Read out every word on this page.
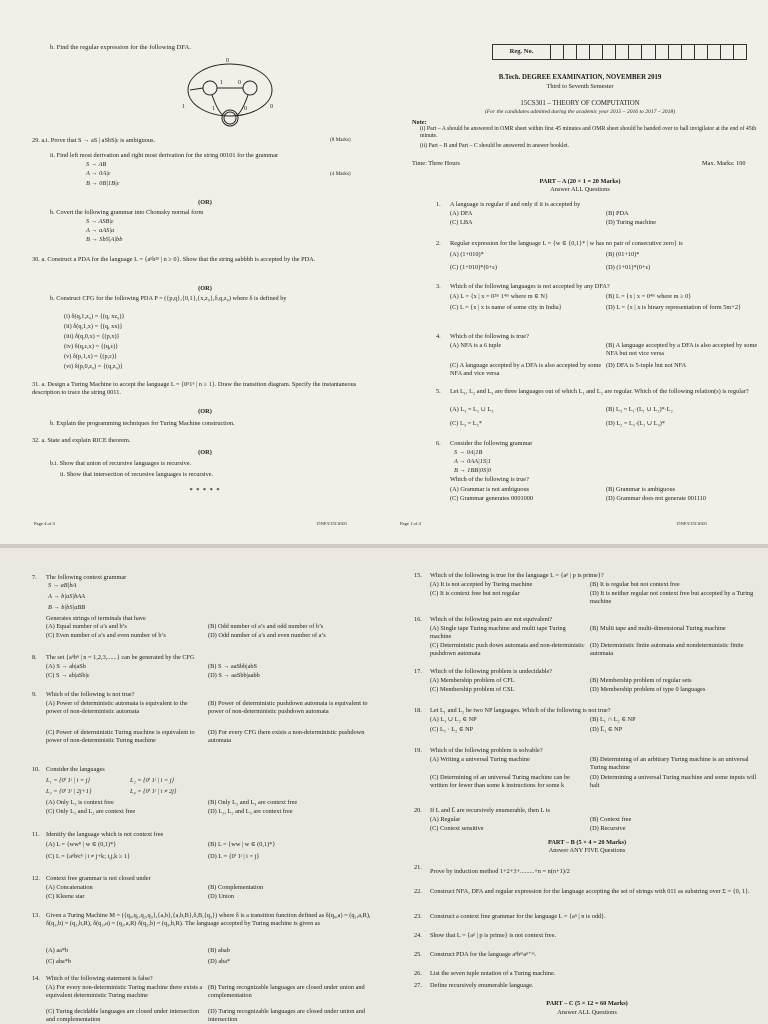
b. Find the regular expression for the following DFA.
0
1	0
1	0
1	0
29. a.i. Prove that S → aS | aSbS|ε is ambiguous.	(8 Marks)
ii. Find left most derivation and right most derivation for the string 00101 for the grammar
S → AB
A → 0A|ε	(4 Marks)
B → 0B|1B|ε
(OR)
b. Covert the following grammar into Chomsky normal form
S → ASB|ε
A → aAS|a
B → SbS|A|bb
30. a. Construct a PDA for the language L = {aⁿb²ⁿ | n ≥ 0}. Show that the string aabbbb is accepted by the PDA.
(OR)
b. Construct CFG for the following PDA P = ({p,q},{0,1},{x,z₀},δ,q,z₀) where δ is defined by
(i) δ(q,1,z₀) = {(q, xz₀)}
(ii) δ(q,1,x) = {(q, xx)}
(iii) δ(q,0,x) = {(p,x)}
(iv) δ(q,ε,x) = {(q,ε)}
(v) δ(p,1,x) = {(p,ε)}
(vi) δ(p,0,z₀) = {(q,z₀)}
31. a. Design a Turing Machine to accept the language L = {0ⁿ1ⁿ | n ≥ 1}. Draw the transition diagram. Specify the instantaneous description to trace the string 0011.
(OR)
b. Explain the programming techniques for Turing Machine construction.
32. a. State and explain RICE theorem.
(OR)
b.i. Show that union of recursive languages is recursive.
ii. Show that intersection of recursive languages is recursive.
* * * * *
Page 4 of 4	15NF3/15CS301
Reg. No.
B.Tech. DEGREE EXAMINATION, NOVEMBER 2019
Third to Seventh Semester
15CS301 – THEORY OF COMPUTATION
(For the candidates admitted during the academic year 2015 – 2016 to 2017 – 2018)
Note:
(i) Part – A should be answered in OMR sheet within first 45 minutes and OMR sheet should be handed over to hall invigilator at the end of 45th minute.
(ii) Part – B and Part – C should be answered in answer booklet.
Time: Three Hours	Max. Marks: 100
PART – A (20 × 1 = 20 Marks)
Answer ALL Questions
1. A language is regular if and only if it is accepted by
(A) DFA	(B) PDA
(C) LBA	(D) Turing machine
2. Regular expression for the language L = {w ∈ {0,1}* | w has no pair of consecutive zero} is
(A) (1+010)*	(B) (01+10)*
(C) (1+010)*(0+ε)	(D) (1+01)*(0+ε)
3. Which of the following languages is not accepted by any DFA?
(A) L = {x | x = 0²ᵐ 1⁴ᵐ where m ∈ N}	(B) L = {x | x = 0⁴ᵐ where m ≥ 0}
(C) L = {x | x is name of some city in India}	(D) L = {x | x is binary representation of form 5m+2}
4. Which of the following is true?
(A) NFA is a 6 tuple	(B) A language accepted by a DFA is also accepted by some NFA but not vice versa
(C) A language accepted by a DFA is also accepted by some NFA and vice versa
(D) DFA is 5-tuple but not NFA
5. Let L₁, L₂ and L₃ are three languages out of which L₁ and L₂ are regular. Which of the following relation(s) is regular?
(A) L₃ = L₂ ∪ L₃	(B) L₃ = L₁·(L₁ ∪ L₂)*·L₂
(C) L₃ = L₃*	(D) L₂ = L₃·(L₁ ∪ L₃)*
6. Consider the following grammar
S → 0A|1B
A → 0AA|1S|1
B → 1BB|0S|0
Which of the following is true?
(A) Grammar is not ambiguous	(B) Grammar is ambiguous
(C) Grammar generates 0001000	(D) Grammar does not generate 001110
Page 1 of 4	15NF3/15CS301
7. The following context grammar
S → aB|bA
A → b|aS|bAA
B → b|bS|aBB
Generates strings of terminals that have
(A) Equal number of a’s and b’s	(B) Odd number of a’s and odd number of b’s
(C) Even number of a’s and even number of b’s	(D) Odd number of a’s and even number of a’s
8. The set {aⁿbⁿ | n = 1,2,3,......} can be generated by the CFG
(A) S → ab|aSb	(B) S → aaSbb|abS
(C) S → ab|aSb|ε	(D) S → aaSbb|aabb
9. Which of the following is not true?
(A) Power of deterministic automata is equivalent to the power of non-deterministic automata
(B) Power of deterministic pushdown automata is equivalent to power of non-deterministic pushdown automata
(C) Power of deterministic Turing machine is equivalent to power of non-deterministic Turing machine
(D) For every CFG there exists a non-deterministic pushdown automata
10. Consider the languages
L₁ = {0ⁱ 1ʲ | i = j}	L₂ = {0ⁱ 1ʲ | i = j}
L₃ = {0ⁱ 1ʲ | 2j+1}	L₄ = {0ⁱ 1ʲ | i ≠ 2j}
(A) Only L₃ is context free	(B) Only L₂ and L₃ are context free
(C) Only L₁ and L₂ are context free	(D) L₁, L₂ and L₃ are context free
11. Identify the language which is not context free
(A) L = {wwᴿ | w ∈ (0,1)*}	(B) L = {ww | w ∈ (0,1)*}
(C) L = {aⁿbʲcᵏ | i ≠ j+k; i,j,k ≥ 1}	(D) L = {0ⁱ 1ʲ | i = j}
12. Context free grammar is not closed under
(A) Concatenation	(B) Complementation
(C) Kleene star	(D) Union
13. Given a Turing Machine M = ({q₀,q₁,q₂,q₃},{a,b},{a,b,B},δ,B,{q₃}) where δ is a transition function defined as δ(q₀,a) = (q₁,a,R), δ(q₁,b) = (q₂,b,R), δ(q₂,a) = (q₂,a,R) δ(q₂,b) = (q₃,b,R). The language accepted by Turing machine is given as
(A) aa*b	(B) abab
(C) aba*b	(D) aba*
14. Which of the following statement is false?
(A) For every non-deterministic Turing machine there exists a equivalent deterministic Turing machine
(B) Turing recognizable languages are closed under union and complementation
(C) Turing decidable languages are closed under intersection and complementation
(D) Turing recognizable languages are closed under union and intersection
15. Which of the following is true for the language L = {aᵖ | p is prime}?
(A) It is not accepted by Turing machine	(B) It is regular but not context free
(C) It is context free but not regular	(D) It is neither regular not context free but accepted by a Turing machine
16. Which of the following pairs are not equivalent?
(A) Single tape Turing machine and multi tape Turing machine
(B) Multi tape and multi-dimensional Turing machine
(C) Deterministic push down automata and non-deterministic pushdown automata
(D) Deterministic finite automata and nondeterministic finite automata
17. Which of the following problem is undecidable?
(A) Membership problem of CFL	(B) Membership problem of regular sets
(C) Membership problem of CSL	(D) Membership problem of type 0 languages
18. Let L₁ and L₂ be two NP languages. Which of the following is not true?
(A) L₁ ∪ L₂ ∈ NP	(B) L₁ ∩ L₂ ∈ NP
(C) L₁ · L₂ ∈ NP	(D) L̅₁ ∈ NP
19. Which of the following problem is solvable?
(A) Writing a universal Turing machine	(B) Determining of an arbitrary Turing machine is an universal Turing machine
(C) Determining of an universal Turing machine can be written for fewer than some k instructions for some k
(D) Determining a universal Turing machine and some inputs will halt
20. If L and L̅ are recursively enumerable, then L is
(A) Regular	(B) Context free
(C) Context sensitive	(D) Recursive
PART – B (5 × 4 = 20 Marks)
Answer ANY FIVE Questions
21.
Prove by induction method 1+2+3+.........+n = n(n+1)/2
22. Construct NFA, DFA and regular expression for the language accepting the set of strings with 011 as substring over Σ = {0, 1}.
23. Construct a context free grammar for the language L = {aⁿ | n is odd}.
24. Show that L = {aᵖ | p is prime} is not context free.
25. Construct PDA for the language aⁿbᵐaⁿ⁺ᵐ.
26. List the seven tuple notation of a Turing machine.
27. Define recursively enumerable language.
PART – C (5 × 12 = 60 Marks)
Answer ALL Questions
